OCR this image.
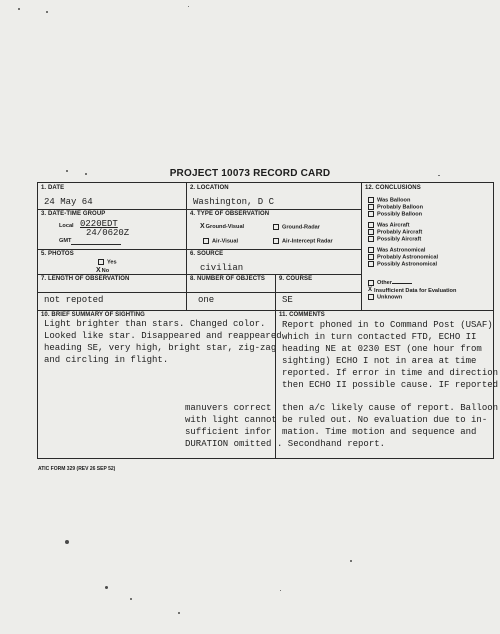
PROJECT 10073 RECORD CARD
1. DATE
24 May 64
2. LOCATION
Washington, D C
3. DATE-TIME GROUP
Local 0220EDT
24/0620Z
GMT
4. TYPE OF OBSERVATION
XGround-Visual	Ground-Radar
Air-Visual	Air-Intercept Radar
5. PHOTOS
Yes
XNo
6. SOURCE
civilian
7. LENGTH OF OBSERVATION
not repoted
8. NUMBER OF OBJECTS
one
9. COURSE
SE
12. CONCLUSIONS
Was Balloon
Probably Balloon
Possibly Balloon
Was Aircraft
Probably Aircraft
Possibly Aircraft
Was Astronomical
Probably Astronomical
Possibly Astronomical
Other
X Insufficient Data for Evaluation
Unknown
10. BRIEF SUMMARY OF SIGHTING
Light brighter than stars. Changed color.
Looked like star. Disappeared and reappeared
heading SE, very high, bright star, zig-zag
and circling in flight.
manuvers correct
with light cannot
sufficient infor
DURATION omitted
11. COMMENTS
Report phoned in to Command Post (USAF)
which in turn contacted FTD, ECHO II
heading NE at 0230 EST (one hour from
sighting) ECHO I not in area at time
reported. If error in time and direction
then ECHO II possible cause. IF reported
then a/c likely cause of report. Balloon
be ruled out. No evaluation due to in-
mation. Time motion and sequence and
. Secondhand report.
ATIC FORM 329 (REV 26 SEP 52)
